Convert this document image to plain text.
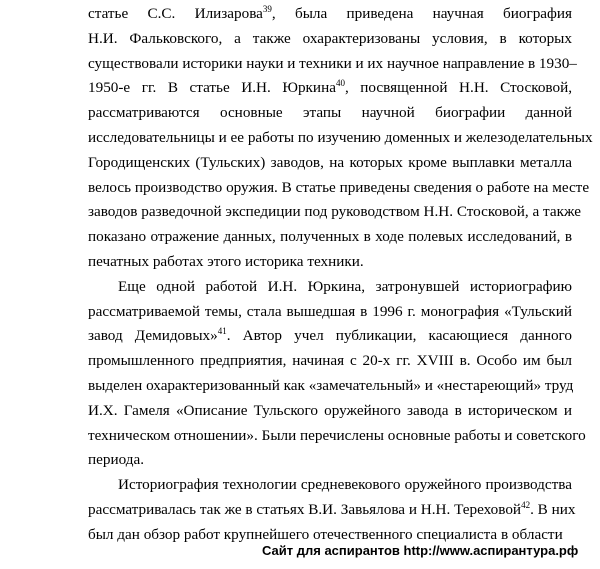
статье С.С. Илизарова$^{39}$, была приведена научная биография
Н.И. Фальковского, а также охарактеризованы условия, в которых
существовали историки науки и техники и их научное направление в 1930–
1950-е гг. В статье И.Н. Юркина$^{40}$, посвященной Н.Н. Стосковой,
рассматриваются основные этапы научной биографии данной
исследовательницы и ее работы по изучению доменных и железоделательных
Городищенских (Тульских) заводов, на которых кроме выплавки металла
велось производство оружия. В статье приведены сведения о работе на месте
заводов разведочной экспедиции под руководством Н.Н. Стосковой, а также
показано отражение данных, полученных в ходе полевых исследований, в
печатных работах этого историка техники.
Еще одной работой И.Н. Юркина, затронувшей историографию
рассматриваемой темы, стала вышедшая в 1996 г. монография «Тульский
завод Демидовых»$^{41}$. Автор учел публикации, касающиеся данного
промышленного предприятия, начиная с 20-х гг. XVIII в. Особо им был
выделен охарактеризованный как «замечательный» и «нестареющий» труд
И.Х. Гамеля «Описание Тульского оружейного завода в историческом и
техническом отношении». Были перечислены основные работы и советского
периода.
Историография технологии средневекового оружейного производства
рассматривалась так же в статьях В.И. Завьялова и Н.Н. Тереховой$^{42}$. В них
был дан обзор работ крупнейшего отечественного специалиста в области
Сайт для аспирантов http://www.аспирантура.рф
